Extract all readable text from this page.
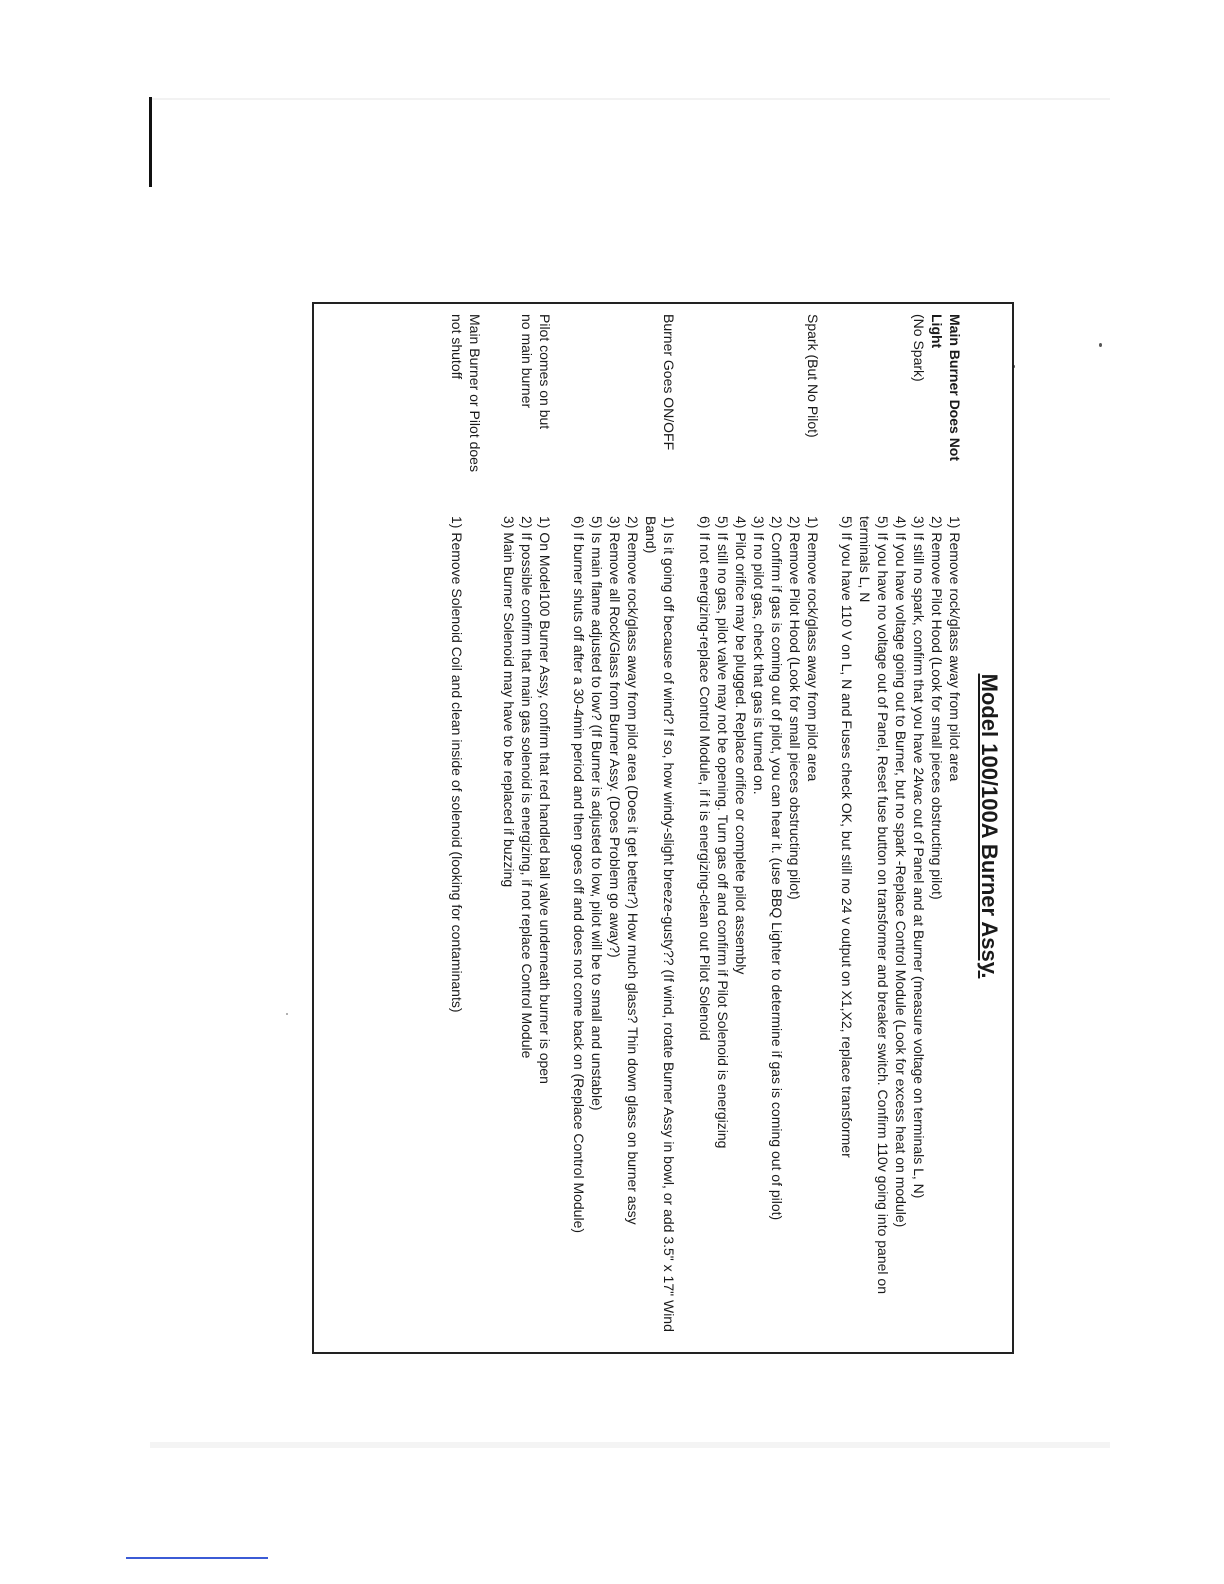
Model 100/100A Burner Assy.
Main Burner Does Not
Light
(No Spark)
1) Remove rock/glass away from pilot area
2) Remove Pilot Hood (Look for small pieces obstructing pilot)
3) If still no spark, confirm that you have 24vac out of Panel and at Burner (measure voltage on terminals L, N)
4) If you have voltage going out to Burner, but no spark -Replace Control Module (Look for excess heat on module)
5) If you have no voltage out of Panel, Reset fuse button on transformer and breaker switch. Confirm 110v going into panel on terminals L, N
5) If you have 110 V on L, N and Fuses check OK, but still no 24 v output on X1,X2, replace transformer
Spark (But No Pilot)
1) Remove rock/glass away from pilot area
2) Remove Pilot Hood (Look for small pieces obstructing pilot)
2) Confirm if gas is coming out of pilot, you can hear it. (use BBQ Lighter to determine if gas is coming out of pilot)
3) If no pilot gas, check that gas is turned on.
4) Pilot orifice may be plugged. Replace orifice or complete pilot assembly
5) If still no gas, pilot valve may not be opening. Turn gas off and confirm if Pilot Solenoid is energizing
6) If not energizing-replace Control Module, if it is energizing-clean out Pilot Solenoid
Burner Goes ON/OFF
1) Is it going off because of wind? If so, how windy-slight breeze-gusty?? (If wind, rotate Burner Assy in bowl, or add 3.5" x 17" Wind Band)
2) Remove rock/glass away from pilot area (Does it get better?) How much glass? Thin down glass on burner assy
3) Remove all Rock/Glass from Burner Assy. (Does Problem go away?)
5) Is main flame adjusted to low? (If Burner is adjusted to low, pilot will be to small and unstable)
6) If burner shuts off after a 30-4min period and then goes off and does not come back on (Replace Control Module)
Pilot comes on but
no main burner
1) On Model100 Burner Assy, confirm that red handled ball valve underneath burner is open
2) If possible confirm that main gas solenoid is energizing, if not replace Control Module
3) Main Burner Solenoid may have to be replaced if buzzing
Main Burner or Pilot does
not shutoff
1) Remove Solenoid Coil and clean inside of solenoid (looking for contaminants)
